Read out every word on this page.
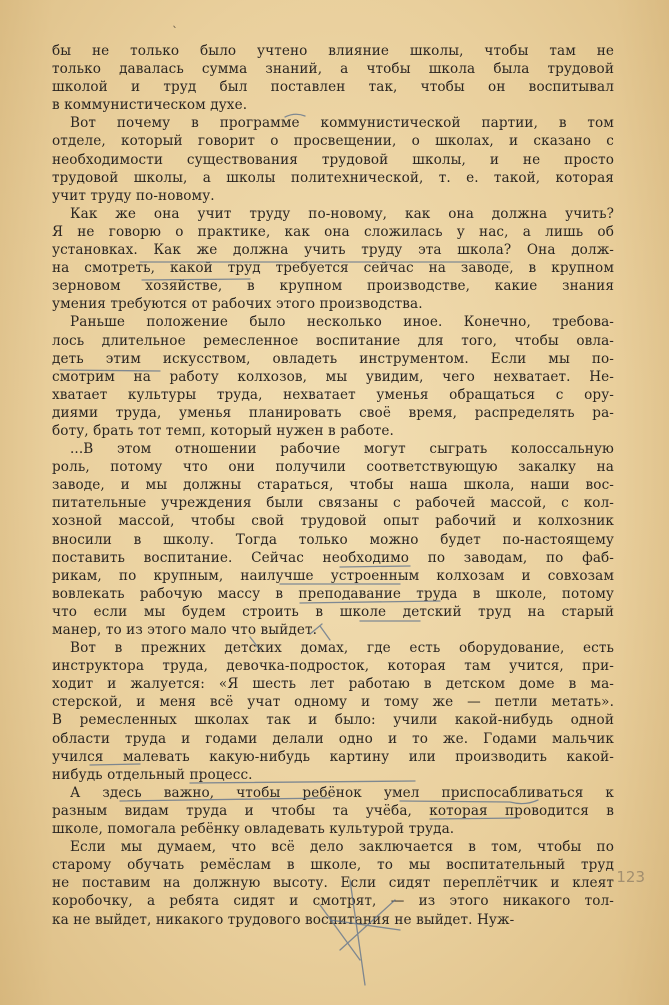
ˎ
бы не только было учтено влияние школы, чтобы там не
только давалась сумма знаний, а чтобы школа была трудовой
школой и труд был поставлен так, чтобы он воспитывал
в коммунистическом духе.
Вот почему в программе коммунистической партии, в том
отделе, который говорит о просвещении, о школах, и сказано с
необходимости существования трудовой школы, и не просто
трудовой школы, а школы политехнической, т. е. такой, которая
учит труду по-новому.
Как же она учит труду по-новому, как она должна учить?
Я не говорю о практике, как она сложилась у нас, а лишь об
установках. Как же должна учить труду эта школа? Она долж-
на смотреть, какой труд требуется сейчас на заводе, в крупном
зерновом хозяйстве, в крупном производстве, какие знания
умения требуются от рабочих этого производства.
Раньше положение было несколько иное. Конечно, требова-
лось длительное ремесленное воспитание для того, чтобы овла-
деть этим искусством, овладеть инструментом. Если мы по-
смотрим на работу колхозов, мы увидим, чего нехватает. Не-
хватает культуры труда, нехватает уменья обращаться с ору-
диями труда, уменья планировать своё время, распределять ра-
боту, брать тот темп, который нужен в работе.
...В этом отношении рабочие могут сыграть колоссальную
роль, потому что они получили соответствующую закалку на
заводе, и мы должны стараться, чтобы наша школа, наши вос-
питательные учреждения были связаны с рабочей массой, с кол-
хозной массой, чтобы свой трудовой опыт рабочий и колхозник
вносили в школу. Тогда только можно будет по-настоящему
поставить воспитание. Сейчас необходимо по заводам, по фаб-
рикам, по крупным, наилучше устроенным колхозам и совхозам
вовлекать рабочую массу в преподавание труда в школе, потому
что если мы будем строить в школе детский труд на старый
манер, то из этого мало что выйдет.
Вот в прежних детских домах, где есть оборудование, есть
инструктора труда, девочка-подросток, которая там учится, при-
ходит и жалуется: «Я шесть лет работаю в детском доме в ма-
стерской, и меня всё учат одному и тому же — петли метать».
В ремесленных школах так и было: учили какой-нибудь одной
области труда и годами делали одно и то же. Годами мальчик
учился малевать какую-нибудь картину или производить какой-
нибудь отдельный процесс.
А здесь важно, чтобы ребёнок умел приспосабливаться к
разным видам труда и чтобы та учёба, которая проводится в
школе, помогала ребёнку овладевать культурой труда.
Если мы думаем, что всё дело заключается в том, чтобы по
старому обучать ремёслам в школе, то мы воспитательный труд
не поставим на должную высоту. Если сидят переплётчик и клеят
коробочку, а ребята сидят и смотрят, — из этого никакого тол-
ка не выйдет, никакого трудового воспитания не выйдет. Нуж-
123
